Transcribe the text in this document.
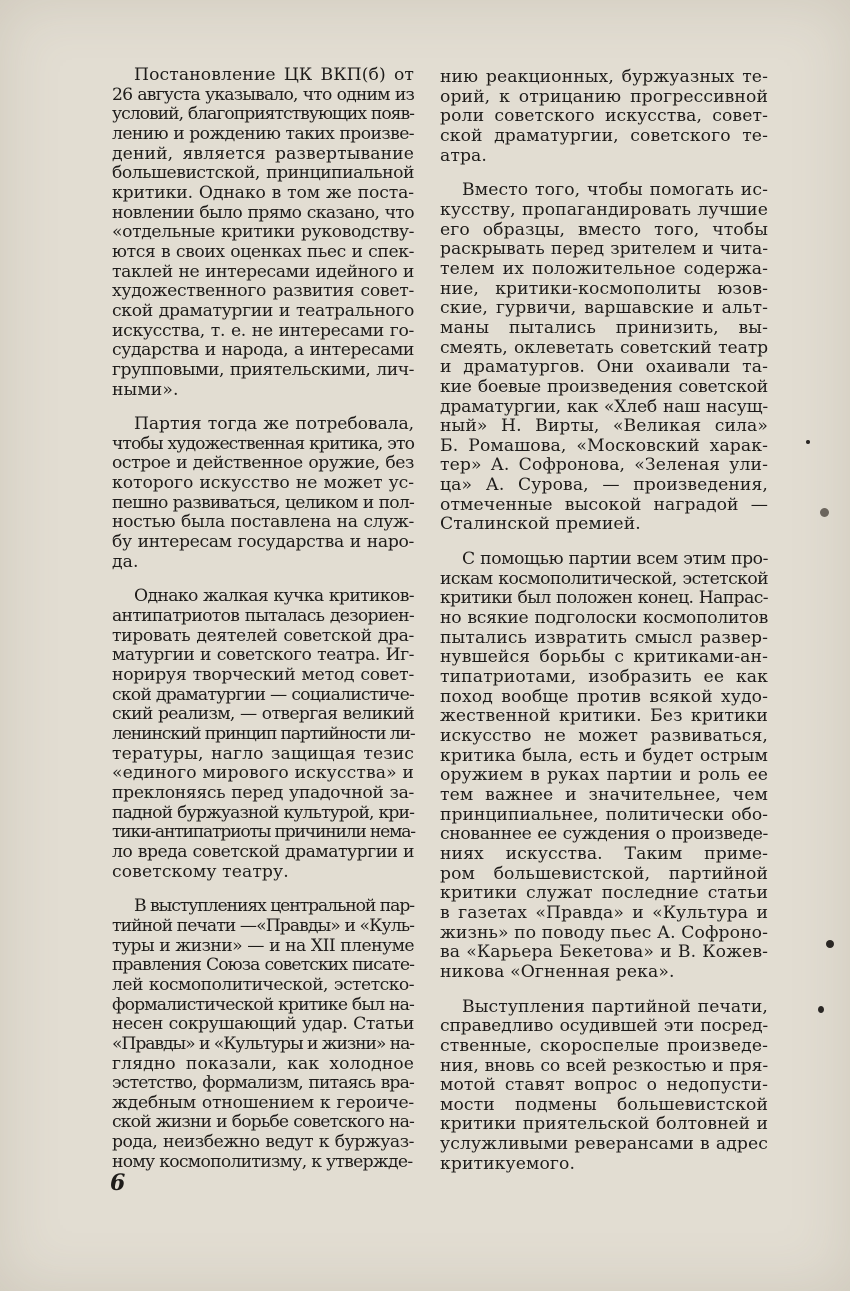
Постановление ЦК ВКП(б) от
26 августа указывало, что одним из
условий, благоприятствующих появ-
лению и рождению таких произве-
дений, является развертывание
большевистской, принципиальной
критики. Однако в том же поста-
новлении было прямо сказано, что
«отдельные критики руководству-
ются в своих оценках пьес и спек-
таклей не интересами идейного и
художественного развития совет-
ской драматургии и театрального
искусства, т. е. не интересами го-
сударства и народа, а интересами
групповыми, приятельскими, лич-
ными».
Партия тогда же потребовала,
чтобы художественная критика, это
острое и действенное оружие, без
которого искусство не может ус-
пешно развиваться, целиком и пол-
ностью была поставлена на служ-
бу интересам государства и наро-
да.
Однако жалкая кучка критиков-
антипатриотов пыталась дезориен-
тировать деятелей советской дра-
матургии и советского театра. Иг-
норируя творческий метод совет-
ской драматургии — социалистиче-
ский реализм, — отвергая великий
ленинский принцип партийности ли-
тературы, нагло защищая тезис
«единого мирового искусства» и
преклоняясь перед упадочной за-
падной буржуазной культурой, кри-
тики-антипатриоты причинили нема-
ло вреда советской драматургии и
советскому театру.
В выступлениях центральной пар-
тийной печати —«Правды» и «Куль-
туры и жизни» — и на XII пленуме
правления Союза советских писате-
лей космополитической, эстетско-
формалистической критике был на-
несен сокрушающий удар. Статьи
«Правды» и «Культуры и жизни» на-
глядно показали, как холодное
эстетство, формализм, питаясь вра-
ждебным отношением к героиче-
ской жизни и борьбе советского на-
рода, неизбежно ведут к буржуаз-
ному космополитизму, к утвержде-
нию реакционных, буржуазных те-
орий, к отрицанию прогрессивной
роли советского искусства, совет-
ской драматургии, советского те-
атра.
Вместо того, чтобы помогать ис-
кусству, пропагандировать лучшие
его образцы, вместо того, чтобы
раскрывать перед зрителем и чита-
телем их положительное содержа-
ние, критики-космополиты юзов-
ские, гурвичи, варшавские и альт-
маны пытались принизить, вы-
смеять, оклеветать советский театр
и драматургов. Они охаивали та-
кие боевые произведения советской
драматургии, как «Хлеб наш насущ-
ный» Н. Вирты, «Великая сила»
Б. Ромашова, «Московский харак-
тер» А. Софронова, «Зеленая ули-
ца» А. Сурова, — произведения,
отмеченные высокой наградой —
Сталинской премией.
С помощью партии всем этим про-
искам космополитической, эстетской
критики был положен конец. Напрас-
но всякие подголоски космополитов
пытались извратить смысл развер-
нувшейся борьбы с критиками-ан-
типатриотами, изобразить ее как
поход вообще против всякой худо-
жественной критики. Без критики
искусство не может развиваться,
критика была, есть и будет острым
оружием в руках партии и роль ее
тем важнее и значительнее, чем
принципиальнее, политически обо-
снованнее ее суждения о произведе-
ниях искусства. Таким приме-
ром большевистской, партийной
критики служат последние статьи
в газетах «Правда» и «Культура и
жизнь» по поводу пьес А. Софроно-
ва «Карьера Бекетова» и В. Кожев-
никова «Огненная река».
Выступления партийной печати,
справедливо осудившей эти посред-
ственные, скороспелые произведе-
ния, вновь со всей резкостью и пря-
мотой ставят вопрос о недопусти-
мости подмены большевистской
критики приятельской болтовней и
услужливыми реверансами в адрес
критикуемого.
6
